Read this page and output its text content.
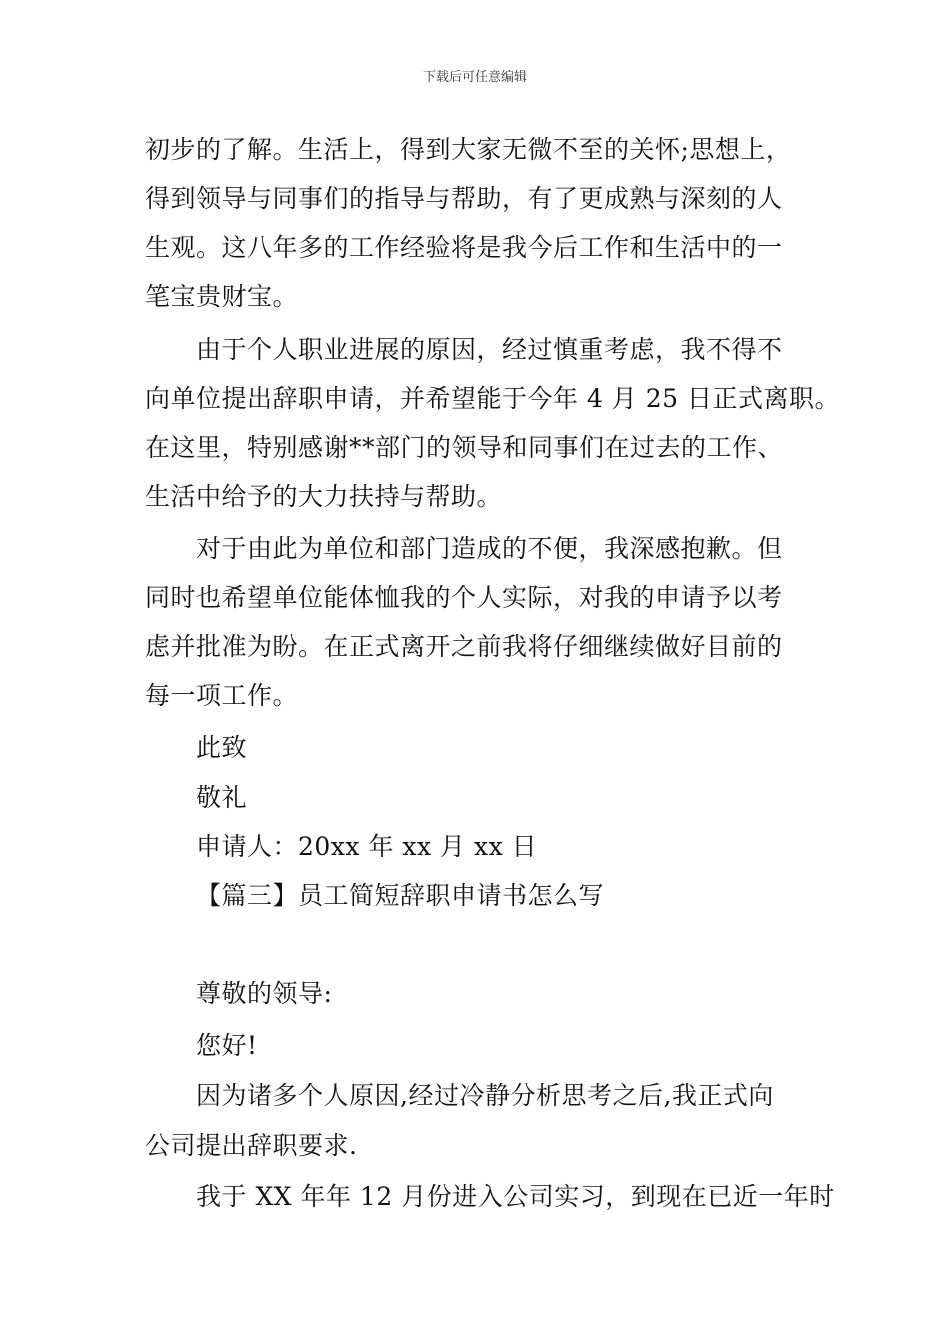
下载后可任意编辑
初步的了解。生活上，得到大家无微不至的关怀;思想上，
得到领导与同事们的指导与帮助，有了更成熟与深刻的人
生观。这八年多的工作经验将是我今后工作和生活中的一
笔宝贵财宝。
由于个人职业进展的原因，经过慎重考虑，我不得不
向单位提出辞职申请，并希望能于今年 4 月 25 日正式离职。
在这里，特别感谢**部门的领导和同事们在过去的工作、
生活中给予的大力扶持与帮助。
对于由此为单位和部门造成的不便，我深感抱歉。但
同时也希望单位能体恤我的个人实际，对我的申请予以考
虑并批准为盼。在正式离开之前我将仔细继续做好目前的
每一项工作。
此致
敬礼
申请人：20xx 年 xx 月 xx 日
【篇三】员工简短辞职申请书怎么写
尊敬的领导:
您好!
因为诸多个人原因,经过冷静分析思考之后,我正式向
公司提出辞职要求.
我于 XX 年年 12 月份进入公司实习，到现在已近一年时
